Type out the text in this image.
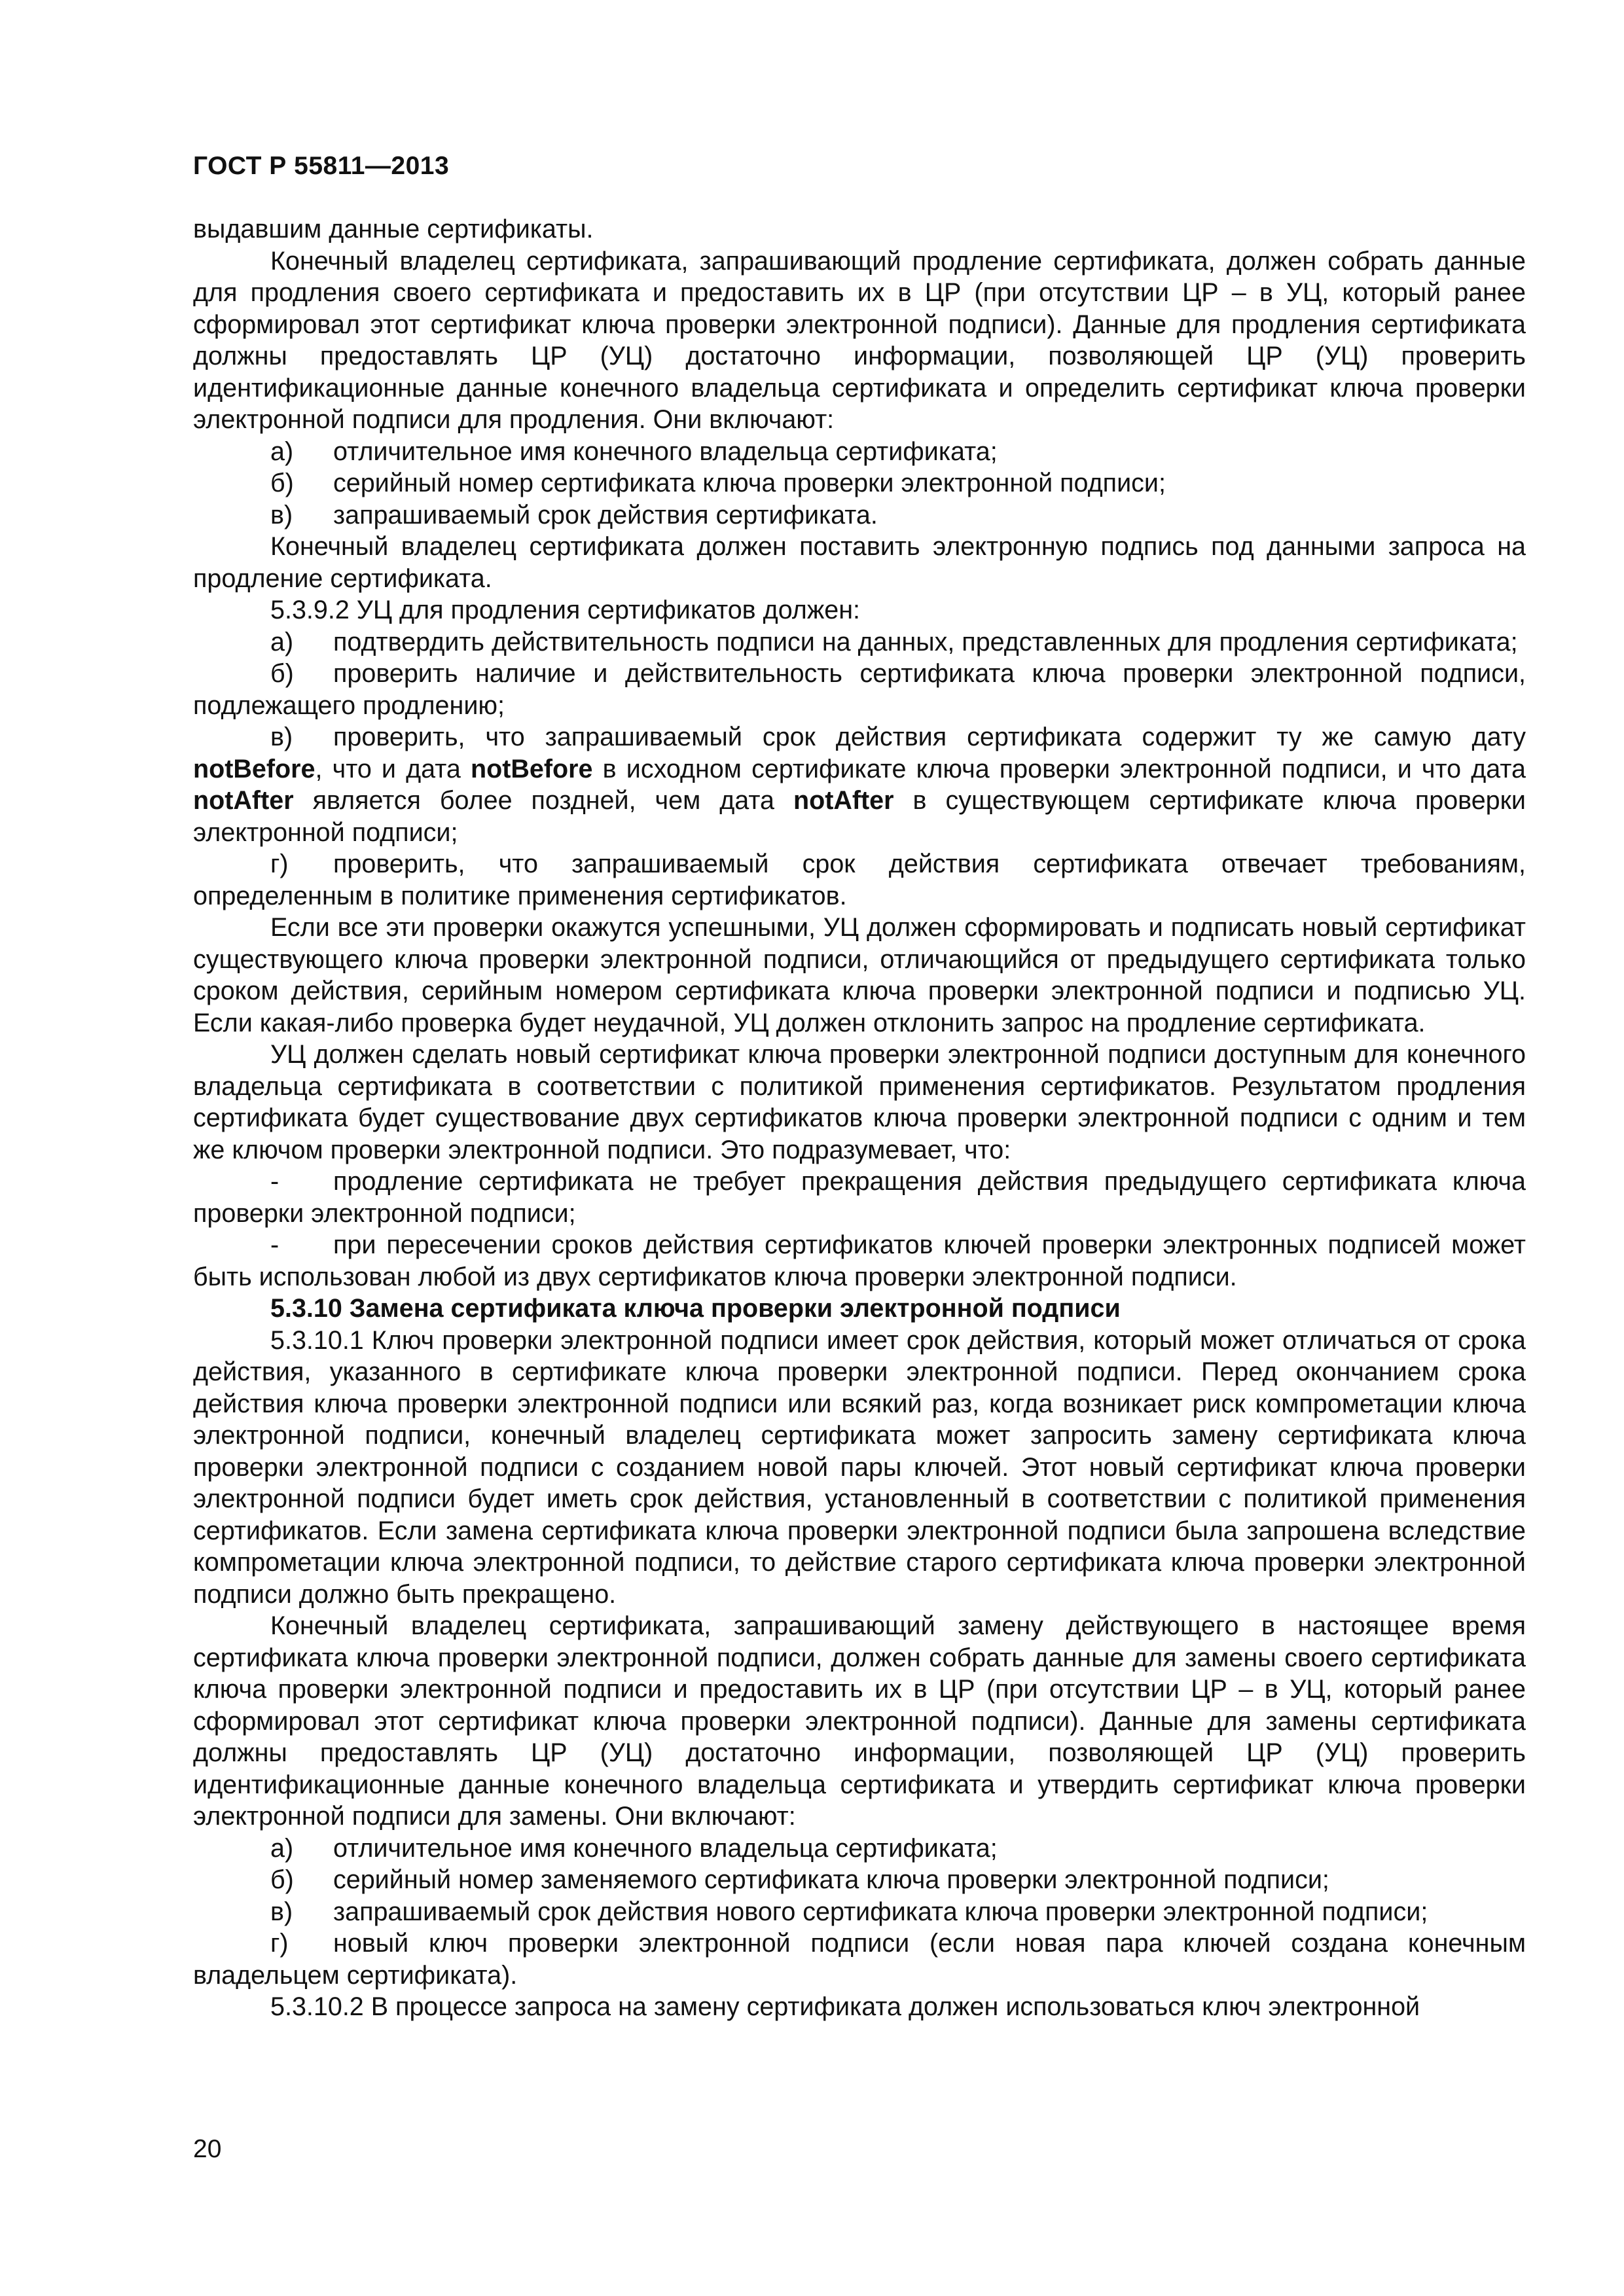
ГОСТ Р 55811—2013

выдавшим данные сертификаты.

Конечный владелец сертификата, запрашивающий продление сертификата, должен собрать данные для продления своего сертификата и предоставить их в ЦР (при отсутствии ЦР – в УЦ, который ранее сформировал этот сертификат ключа проверки электронной подписи). Данные для продления сертификата должны предоставлять ЦР (УЦ) достаточно информации, позволяющей ЦР (УЦ) проверить идентификационные данные конечного владельца сертификата и определить сертификат ключа проверки электронной подписи для продления. Они включают:

а) отличительное имя конечного владельца сертификата;

б) серийный номер сертификата ключа проверки электронной подписи;

в) запрашиваемый срок действия сертификата.

Конечный владелец сертификата должен поставить электронную подпись под данными запроса на продление сертификата.

5.3.9.2 УЦ для продления сертификатов должен:

а) подтвердить действительность подписи на данных, представленных для продления сертификата;

б) проверить наличие и действительность сертификата ключа проверки электронной подписи, подлежащего продлению;

в) проверить, что запрашиваемый срок действия сертификата содержит ту же самую дату notBefore, что и дата notBefore в исходном сертификате ключа проверки электронной подписи, и что дата notAfter является более поздней, чем дата notAfter в существующем сертификате ключа проверки электронной подписи;

г) проверить, что запрашиваемый срок действия сертификата отвечает требованиям, определенным в политике применения сертификатов.

Если все эти проверки окажутся успешными, УЦ должен сформировать и подписать новый сертификат существующего ключа проверки электронной подписи, отличающийся от предыдущего сертификата только сроком действия, серийным номером сертификата ключа проверки электронной подписи и подписью УЦ. Если какая-либо проверка будет неудачной, УЦ должен отклонить запрос на продление сертификата.

УЦ должен сделать новый сертификат ключа проверки электронной подписи доступным для конечного владельца сертификата в соответствии с политикой применения сертификатов. Результатом продления сертификата будет существование двух сертификатов ключа проверки электронной подписи с одним и тем же ключом проверки электронной подписи. Это подразумевает, что:

- продление сертификата не требует прекращения действия предыдущего сертификата ключа проверки электронной подписи;

- при пересечении сроков действия сертификатов ключей проверки электронных подписей может быть использован любой из двух сертификатов ключа проверки электронной подписи.

5.3.10 Замена сертификата ключа проверки электронной подписи

5.3.10.1 Ключ проверки электронной подписи имеет срок действия, который может отличаться от срока действия, указанного в сертификате ключа проверки электронной подписи. Перед окончанием срока действия ключа проверки электронной подписи или всякий раз, когда возникает риск компрометации ключа электронной подписи, конечный владелец сертификата может запросить замену сертификата ключа проверки электронной подписи с созданием новой пары ключей. Этот новый сертификат ключа проверки электронной подписи будет иметь срок действия, установленный в соответствии с политикой применения сертификатов. Если замена сертификата ключа проверки электронной подписи была запрошена вследствие компрометации ключа электронной подписи, то действие старого сертификата ключа проверки электронной подписи должно быть прекращено.

Конечный владелец сертификата, запрашивающий замену действующего в настоящее время сертификата ключа проверки электронной подписи, должен собрать данные для замены своего сертификата ключа проверки электронной подписи и предоставить их в ЦР (при отсутствии ЦР – в УЦ, который ранее сформировал этот сертификат ключа проверки электронной подписи). Данные для замены сертификата должны предоставлять ЦР (УЦ) достаточно информации, позволяющей ЦР (УЦ) проверить идентификационные данные конечного владельца сертификата и утвердить сертификат ключа проверки электронной подписи для замены. Они включают:

а) отличительное имя конечного владельца сертификата;

б) серийный номер заменяемого сертификата ключа проверки электронной подписи;

в) запрашиваемый срок действия нового сертификата ключа проверки электронной подписи;

г) новый ключ проверки электронной подписи (если новая пара ключей создана конечным владельцем сертификата).

5.3.10.2 В процессе запроса на замену сертификата должен использоваться ключ электронной

20
